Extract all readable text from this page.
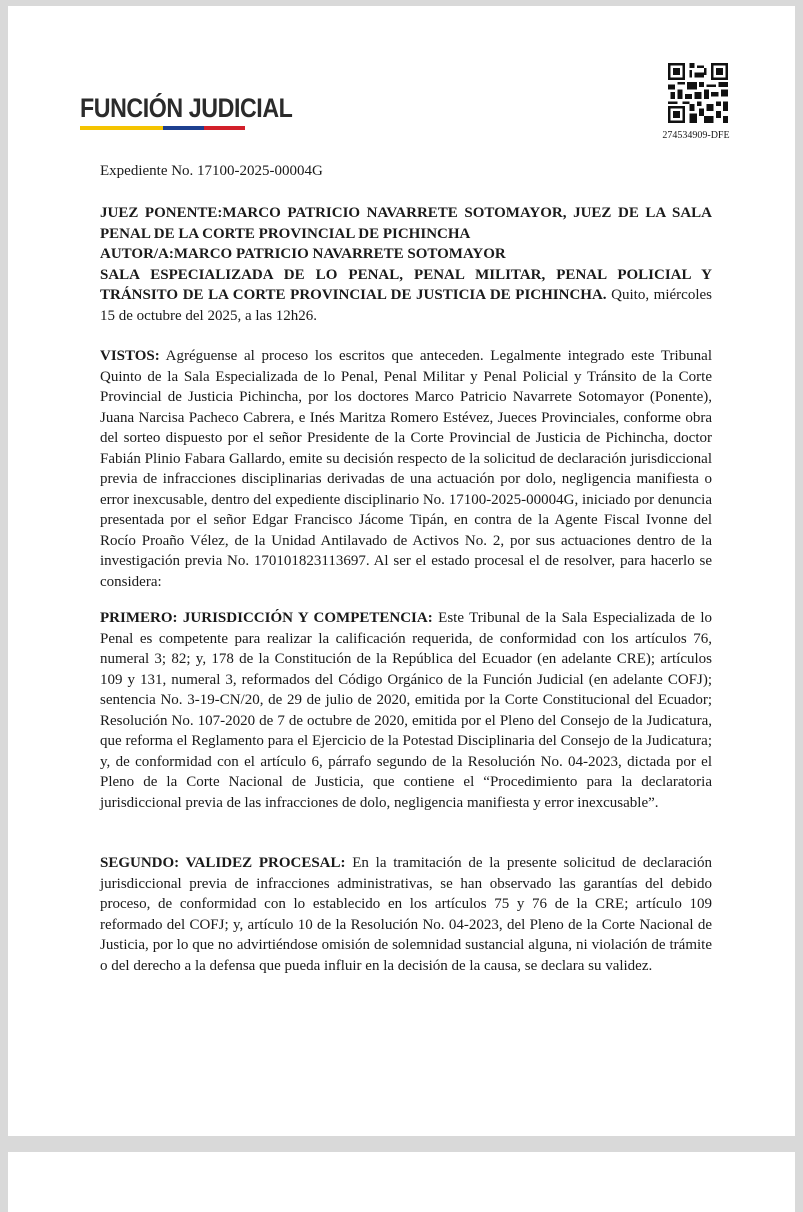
FUNCIÓN JUDICIAL
274534909-DFE
Expediente No. 17100-2025-00004G

JUEZ PONENTE:MARCO PATRICIO NAVARRETE SOTOMAYOR, JUEZ DE LA SALA PENAL DE LA CORTE PROVINCIAL DE PICHINCHA

AUTOR/A:MARCO PATRICIO NAVARRETE SOTOMAYOR

SALA ESPECIALIZADA DE LO PENAL, PENAL MILITAR, PENAL POLICIAL Y TRÁNSITO DE LA CORTE PROVINCIAL DE JUSTICIA DE PICHINCHA. Quito, miércoles 15 de octubre del 2025, a las 12h26.

VISTOS: Agréguense al proceso los escritos que anteceden. Legalmente integrado este Tribunal Quinto de la Sala Especializada de lo Penal, Penal Militar y Penal Policial y Tránsito de la Corte Provincial de Justicia Pichincha, por los doctores Marco Patricio Navarrete Sotomayor (Ponente), Juana Narcisa Pacheco Cabrera, e Inés Maritza Romero Estévez, Jueces Provinciales, conforme obra del sorteo dispuesto por el señor Presidente de la Corte Provincial de Justicia de Pichincha, doctor Fabián Plinio Fabara Gallardo, emite su decisión respecto de la solicitud de declaración jurisdiccional previa de infracciones disciplinarias derivadas de una actuación por dolo, negligencia manifiesta o error inexcusable, dentro del expediente disciplinario No. 17100-2025-00004G, iniciado por denuncia presentada por el señor Edgar Francisco Jácome Tipán, en contra de la Agente Fiscal Ivonne del Rocío Proaño Vélez, de la Unidad Antilavado de Activos No. 2, por sus actuaciones dentro de la investigación previa No. 170101823113697. Al ser el estado procesal el de resolver, para hacerlo se considera:

PRIMERO: JURISDICCIÓN Y COMPETENCIA: Este Tribunal de la Sala Especializada de lo Penal es competente para realizar la calificación requerida, de conformidad con los artículos 76, numeral 3; 82; y, 178 de la Constitución de la República del Ecuador (en adelante CRE); artículos 109 y 131, numeral 3, reformados del Código Orgánico de la Función Judicial (en adelante COFJ); sentencia No. 3-19-CN/20, de 29 de julio de 2020, emitida por la Corte Constitucional del Ecuador; Resolución No. 107-2020 de 7 de octubre de 2020, emitida por el Pleno del Consejo de la Judicatura, que reforma el Reglamento para el Ejercicio de la Potestad Disciplinaria del Consejo de la Judicatura; y, de conformidad con el artículo 6, párrafo segundo de la Resolución No. 04-2023, dictada por el Pleno de la Corte Nacional de Justicia, que contiene el “Procedimiento para la declaratoria jurisdiccional previa de las infracciones de dolo, negligencia manifiesta y error inexcusable”.

SEGUNDO: VALIDEZ PROCESAL: En la tramitación de la presente solicitud de declaración jurisdiccional previa de infracciones administrativas, se han observado las garantías del debido proceso, de conformidad con lo establecido en los artículos 75 y 76 de la CRE; artículo 109 reformado del COFJ; y, artículo 10 de la Resolución No. 04-2023, del Pleno de la Corte Nacional de Justicia, por lo que no advirtiéndose omisión de solemnidad sustancial alguna, ni violación de trámite o del derecho a la defensa que pueda influir en la decisión de la causa, se declara su validez.
